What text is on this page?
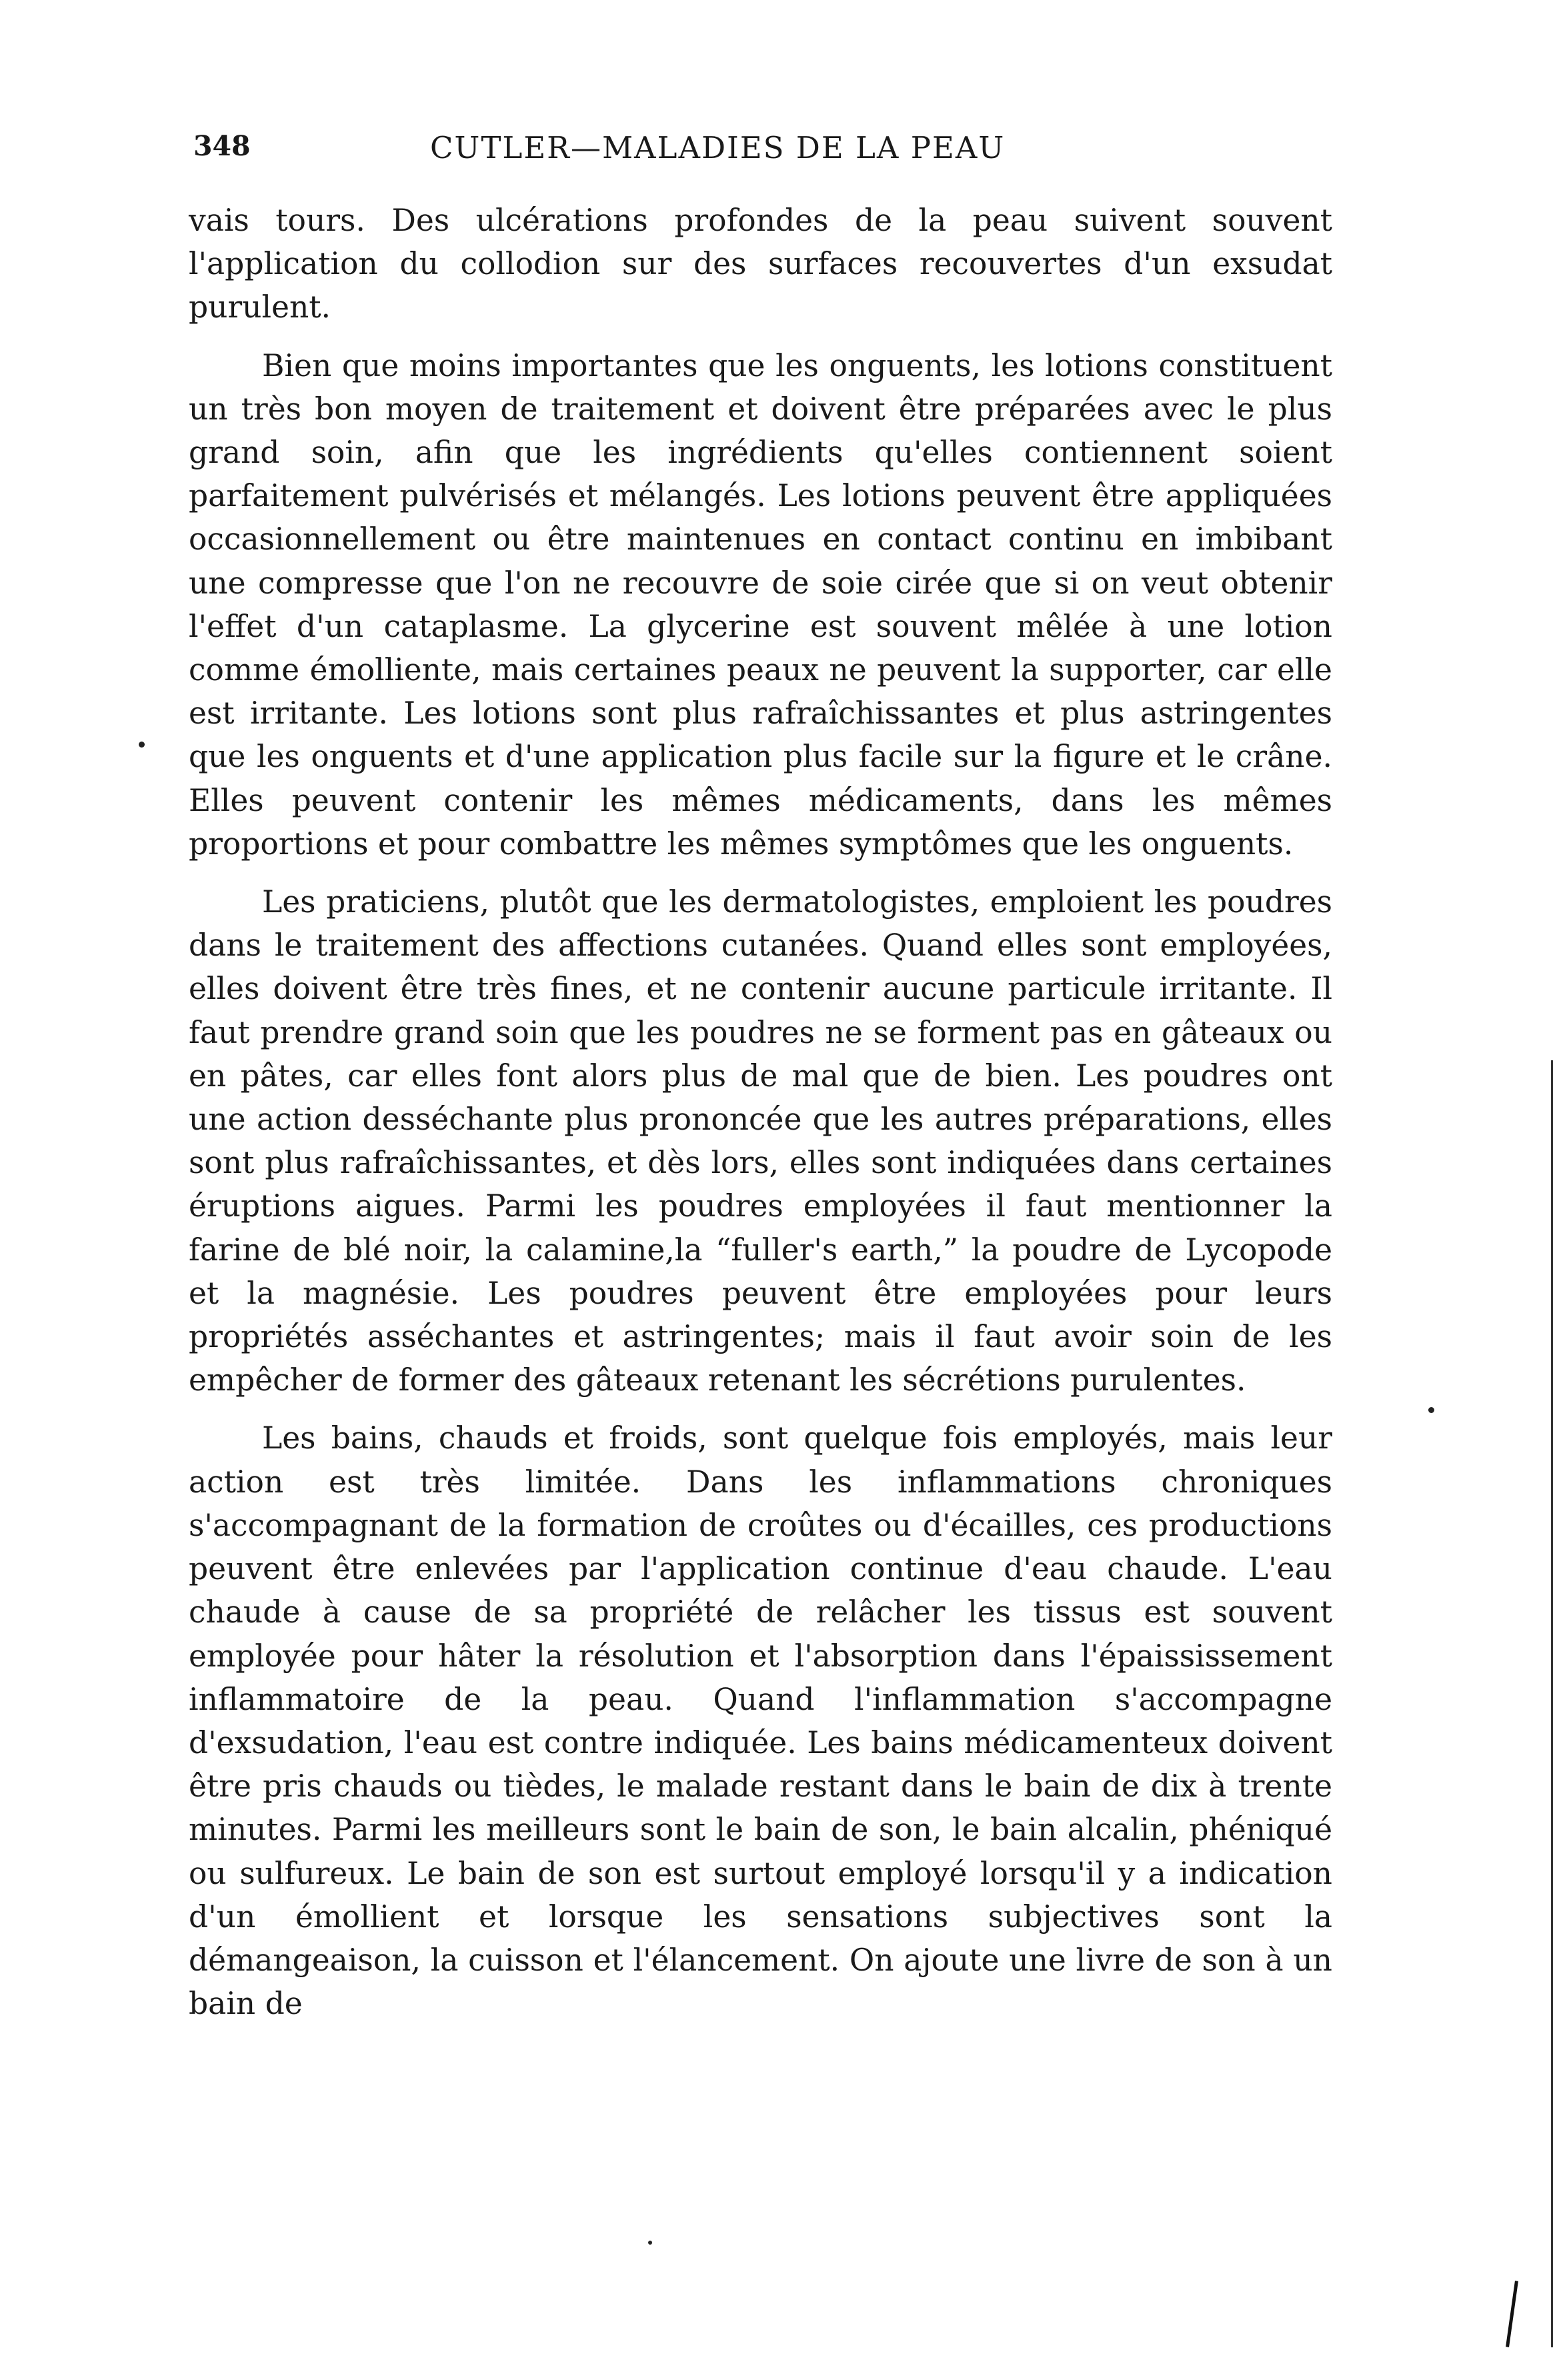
348	CUTLER—MALADIES DE LA PEAU

vais tours. Des ulcérations profondes de la peau suivent souvent l'application du collodion sur des surfaces recouvertes d'un exsudat purulent.

Bien que moins importantes que les onguents, les lotions constituent un très bon moyen de traitement et doivent être préparées avec le plus grand soin, afin que les ingrédients qu'elles contiennent soient parfaitement pulvérisés et mélangés. Les lotions peuvent être appliquées occasionnellement ou être maintenues en contact continu en imbibant une compresse que l'on ne recouvre de soie cirée que si on veut obtenir l'effet d'un cataplasme. La glycerine est souvent mêlée à une lotion comme émolliente, mais certaines peaux ne peuvent la supporter, car elle est irritante. Les lotions sont plus rafraîchissantes et plus astringentes que les onguents et d'une application plus facile sur la figure et le crâne. Elles peuvent contenir les mêmes médicaments, dans les mêmes proportions et pour combattre les mêmes symptômes que les onguents.

Les praticiens, plutôt que les dermatologistes, emploient les poudres dans le traitement des affections cutanées. Quand elles sont employées, elles doivent être très fines, et ne contenir aucune particule irritante. Il faut prendre grand soin que les poudres ne se forment pas en gâteaux ou en pâtes, car elles font alors plus de mal que de bien. Les poudres ont une action desséchante plus prononcée que les autres préparations, elles sont plus rafraîchissantes, et dès lors, elles sont indiquées dans certaines éruptions aigues. Parmi les poudres employées il faut mentionner la farine de blé noir, la calamine,la “fuller's earth,” la poudre de Lycopode et la magnésie. Les poudres peuvent être employées pour leurs propriétés asséchantes et astringentes; mais il faut avoir soin de les empêcher de former des gâteaux retenant les sécrétions purulentes.

Les bains, chauds et froids, sont quelque fois employés, mais leur action est très limitée. Dans les inflammations chroniques s'accompagnant de la formation de croûtes ou d'écailles, ces productions peuvent être enlevées par l'application continue d'eau chaude. L'eau chaude à cause de sa propriété de relâcher les tissus est souvent employée pour hâter la résolution et l'absorption dans l'épaississement inflammatoire de la peau. Quand l'inflammation s'accompagne d'exsudation, l'eau est contre indiquée. Les bains médicamenteux doivent être pris chauds ou tièdes, le malade restant dans le bain de dix à trente minutes. Parmi les meilleurs sont le bain de son, le bain alcalin, phéniqué ou sulfureux. Le bain de son est surtout employé lorsqu'il y a indication d'un émollient et lorsque les sensations subjectives sont la démangeaison, la cuisson et l'élancement. On ajoute une livre de son à un bain de
